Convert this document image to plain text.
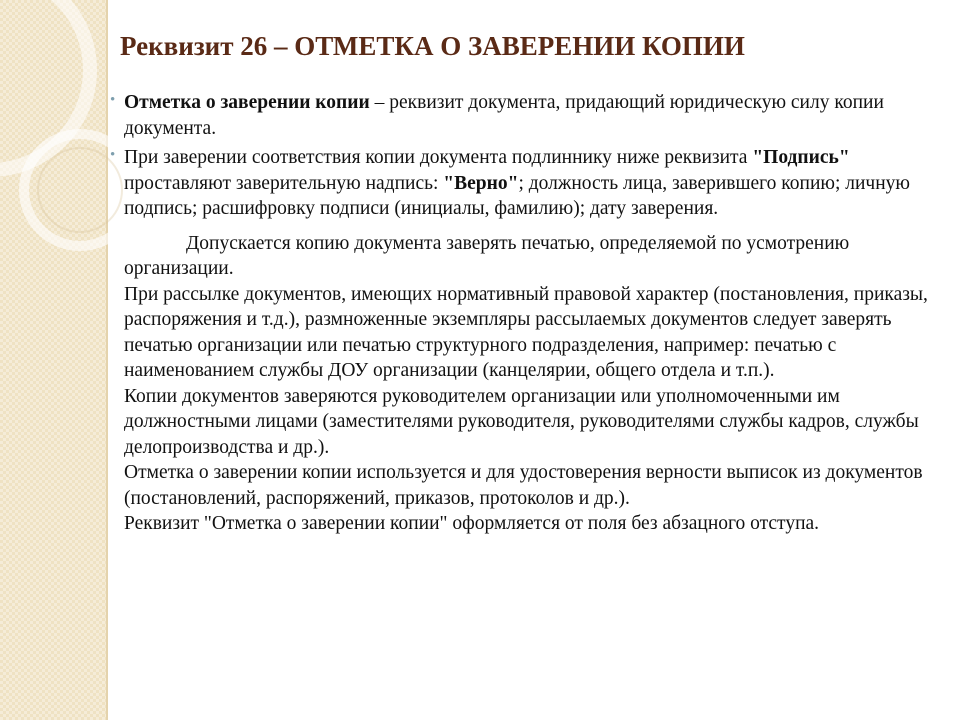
Реквизит 26 – ОТМЕТКА О ЗАВЕРЕНИИ КОПИИ

• Отметка о заверении копии – реквизит документа, придающий юридическую силу копии документа.

• При заверении соответствия копии документа подлиннику ниже реквизита "Подпись" проставляют заверительную надпись: "Верно"; должность лица, заверившего копию; личную подпись; расшифровку подписи (инициалы, фамилию); дату заверения.

Допускается копию документа заверять печатью, определяемой по усмотрению организации.

При рассылке документов, имеющих нормативный правовой характер (постановления, приказы, распоряжения и т.д.), размноженные экземпляры рассылаемых документов следует заверять печатью организации или печатью структурного подразделения, например: печатью с наименованием службы ДОУ организации (канцелярии, общего отдела и т.п.).

Копии документов заверяются руководителем организации или уполномоченными им должностными лицами (заместителями руководителя, руководителями службы кадров, службы делопроизводства и др.).

Отметка о заверении копии используется и для удостоверения верности выписок из документов (постановлений, распоряжений, приказов, протоколов и др.).

Реквизит "Отметка о заверении копии" оформляется от поля без абзацного отступа.
